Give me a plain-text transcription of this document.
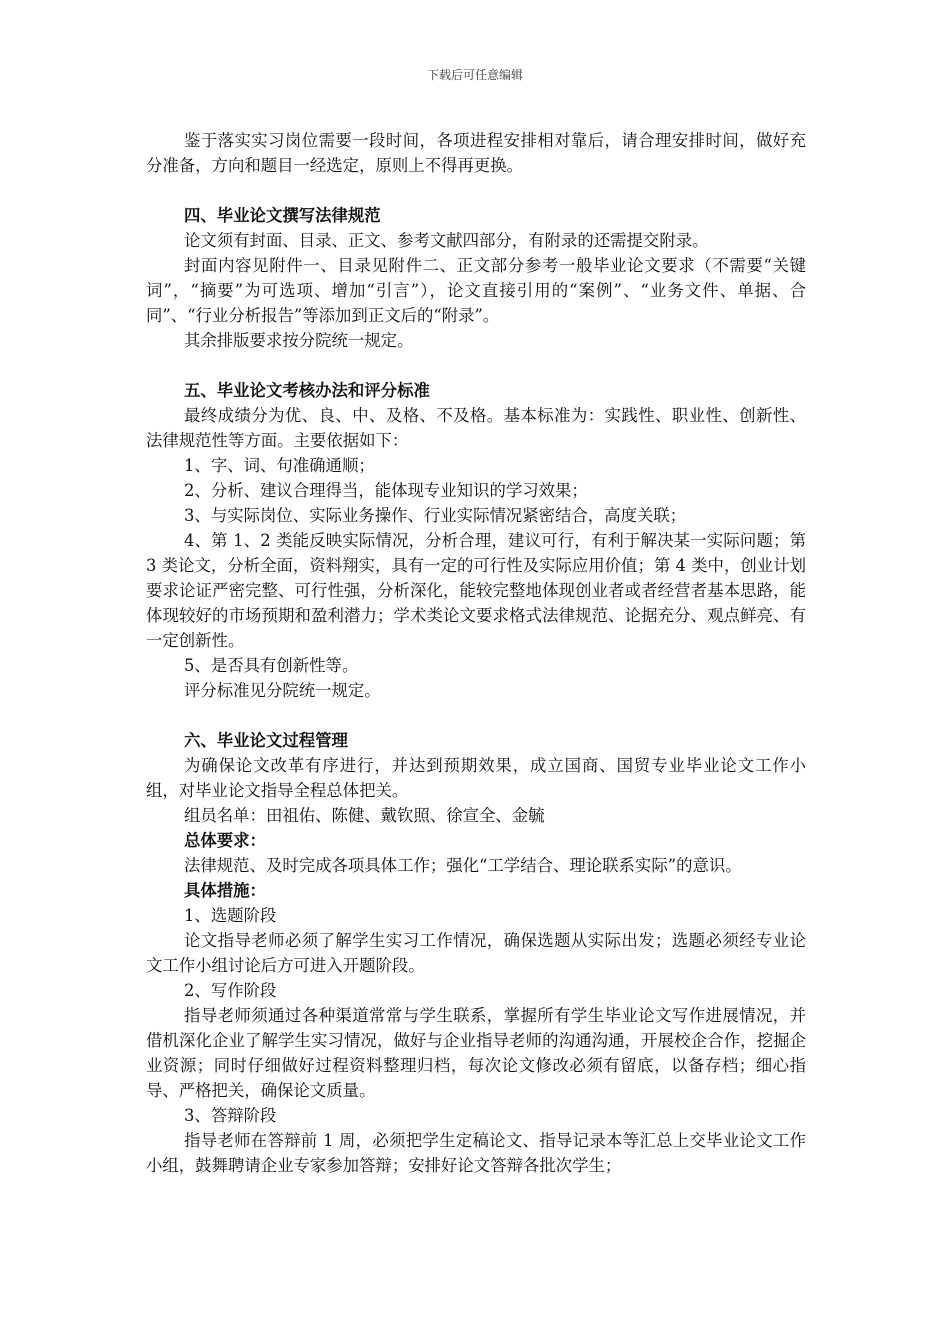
下载后可任意编辑

鉴于落实实习岗位需要一段时间，各项进程安排相对靠后，请合理安排时间，做好充分准备，方向和题目一经选定，原则上不得再更换。

四、毕业论文撰写法律规范

论文须有封面、目录、正文、参考文献四部分，有附录的还需提交附录。

封面内容见附件一、目录见附件二、正文部分参考一般毕业论文要求（不需要“关键词”，“摘要”为可选项、增加“引言”），论文直接引用的“案例”、“业务文件、单据、合同”、“行业分析报告”等添加到正文后的“附录”。

其余排版要求按分院统一规定。

五、毕业论文考核办法和评分标准

最终成绩分为优、良、中、及格、不及格。基本标准为：实践性、职业性、创新性、法律规范性等方面。主要依据如下：

1、字、词、句准确通顺；

2、分析、建议合理得当，能体现专业知识的学习效果；

3、与实际岗位、实际业务操作、行业实际情况紧密结合，高度关联；

4、第 1、2 类能反映实际情况，分析合理，建议可行，有利于解决某一实际问题；第 3 类论文，分析全面，资料翔实，具有一定的可行性及实际应用价值；第 4 类中，创业计划要求论证严密完整、可行性强，分析深化，能较完整地体现创业者或者经营者基本思路，能体现较好的市场预期和盈利潜力；学术类论文要求格式法律规范、论据充分、观点鲜亮、有一定创新性。

5、是否具有创新性等。

评分标准见分院统一规定。

六、毕业论文过程管理

为确保论文改革有序进行，并达到预期效果，成立国商、国贸专业毕业论文工作小组，对毕业论文指导全程总体把关。

组员名单：田祖佑、陈健、戴钦照、徐宣全、金毓

总体要求：

法律规范、及时完成各项具体工作；强化“工学结合、理论联系实际”的意识。

具体措施：

1、选题阶段

论文指导老师必须了解学生实习工作情况，确保选题从实际出发；选题必须经专业论文工作小组讨论后方可进入开题阶段。

2、写作阶段

指导老师须通过各种渠道常常与学生联系，掌握所有学生毕业论文写作进展情况，并借机深化企业了解学生实习情况，做好与企业指导老师的沟通沟通，开展校企合作，挖掘企业资源；同时仔细做好过程资料整理归档，每次论文修改必须有留底，以备存档；细心指导、严格把关，确保论文质量。

3、答辩阶段

指导老师在答辩前 1 周，必须把学生定稿论文、指导记录本等汇总上交毕业论文工作小组，鼓舞聘请企业专家参加答辩；安排好论文答辩各批次学生；
